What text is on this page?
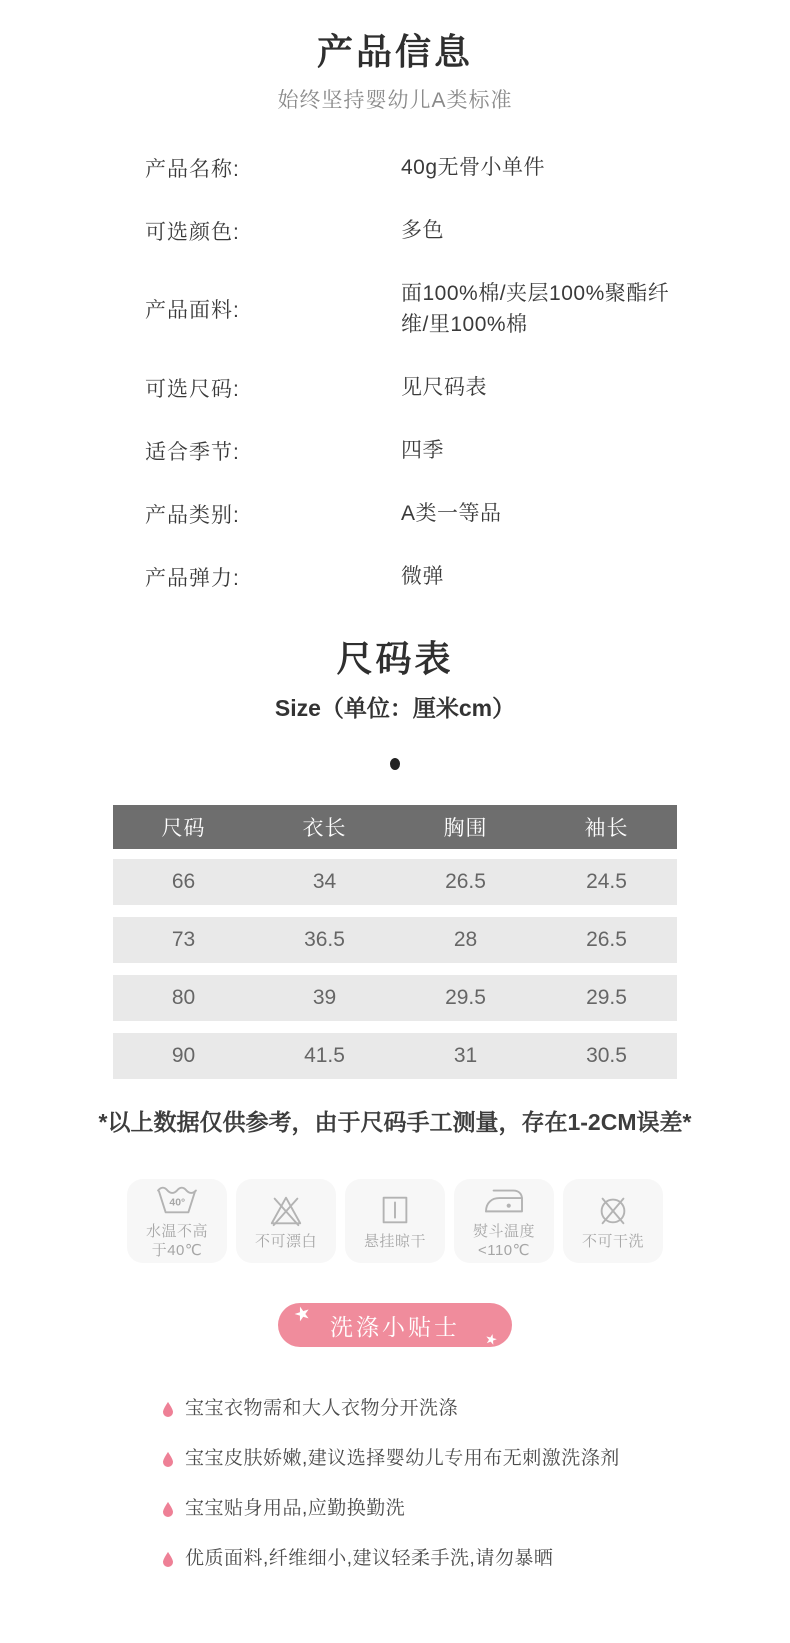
产品信息
始终坚持婴幼儿A类标准
产品名称:	40g无骨小单件
可选颜色:	多色
产品面料:
面100%棉/夹层100%聚酯纤维/里100%棉
可选尺码:	见尺码表
适合季节:	四季
产品类别:	A类一等品
产品弹力:	微弹
尺码表
Size（单位：厘米cm）
尺码	衣长	胸围	袖长
66	34	26.5	24.5
73	36.5	28	26.5
80	39	29.5	29.5
90	41.5	31	30.5
*以上数据仅供参考，由于尺码手工测量，存在1-2CM误差*
40°
水温不高
于40℃
不可漂白	悬挂晾干
熨斗温度
<110℃
不可干洗
★ 洗涤小贴士 ★
宝宝衣物需和大人衣物分开洗涤
宝宝皮肤娇嫩,建议选择婴幼儿专用布无刺激洗涤剂
宝宝贴身用品,应勤换勤洗
优质面料,纤维细小,建议轻柔手洗,请勿暴晒
